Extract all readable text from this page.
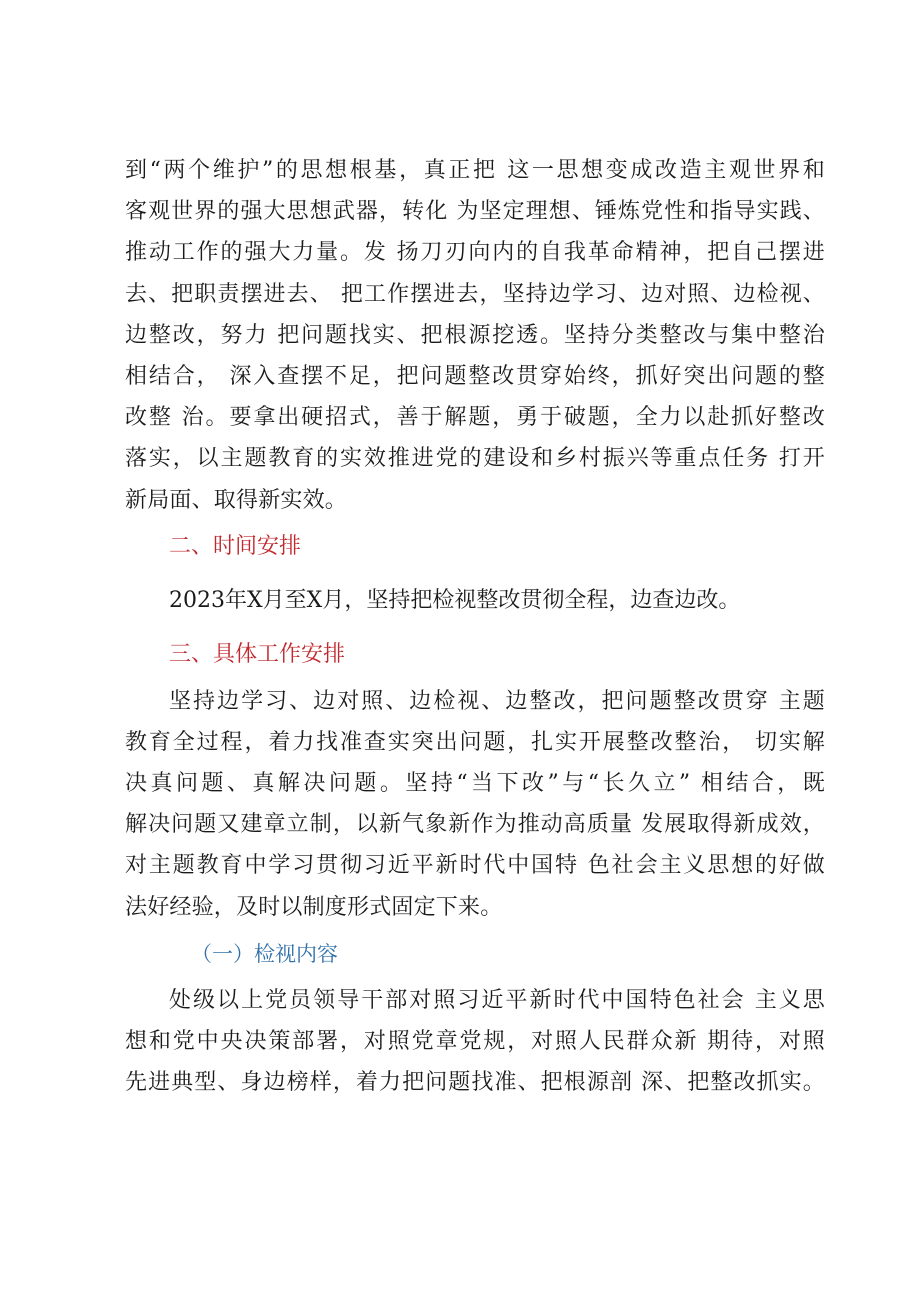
到“两个维护”的思想根基，真正把 这一思想变成改造主观世界和
客观世界的强大思想武器，转化 为坚定理想、锤炼党性和指导实践、
推动工作的强大力量。发 扬刀刃向内的自我革命精神，把自己摆进
去、把职责摆进去、 把工作摆进去，坚持边学习、边对照、边检视、
边整改，努力 把问题找实、把根源挖透。坚持分类整改与集中整治
相结合， 深入查摆不足，把问题整改贯穿始终，抓好突出问题的整
改整 治。要拿出硬招式，善于解题，勇于破题，全力以赴抓好整改
落实，以主题教育的实效推进党的建设和乡村振兴等重点任务 打开
新局面、取得新实效。
二、时间安排
2023年X月至X月，坚持把检视整改贯彻全程，边查边改。
三、具体工作安排
坚持边学习、边对照、边检视、边整改，把问题整改贯穿 主题
教育全过程，着力找准查实突出问题，扎实开展整改整治， 切实解
决真问题、真解决问题。坚持“当下改”与“长久立” 相结合，既
解决问题又建章立制，以新气象新作为推动高质量 发展取得新成效，
对主题教育中学习贯彻习近平新时代中国特 色社会主义思想的好做
法好经验，及时以制度形式固定下来。
（一）检视内容
处级以上党员领导干部对照习近平新时代中国特色社会 主义思
想和党中央决策部署，对照党章党规，对照人民群众新 期待，对照
先进典型、身边榜样，着力把问题找准、把根源剖 深、把整改抓实。
